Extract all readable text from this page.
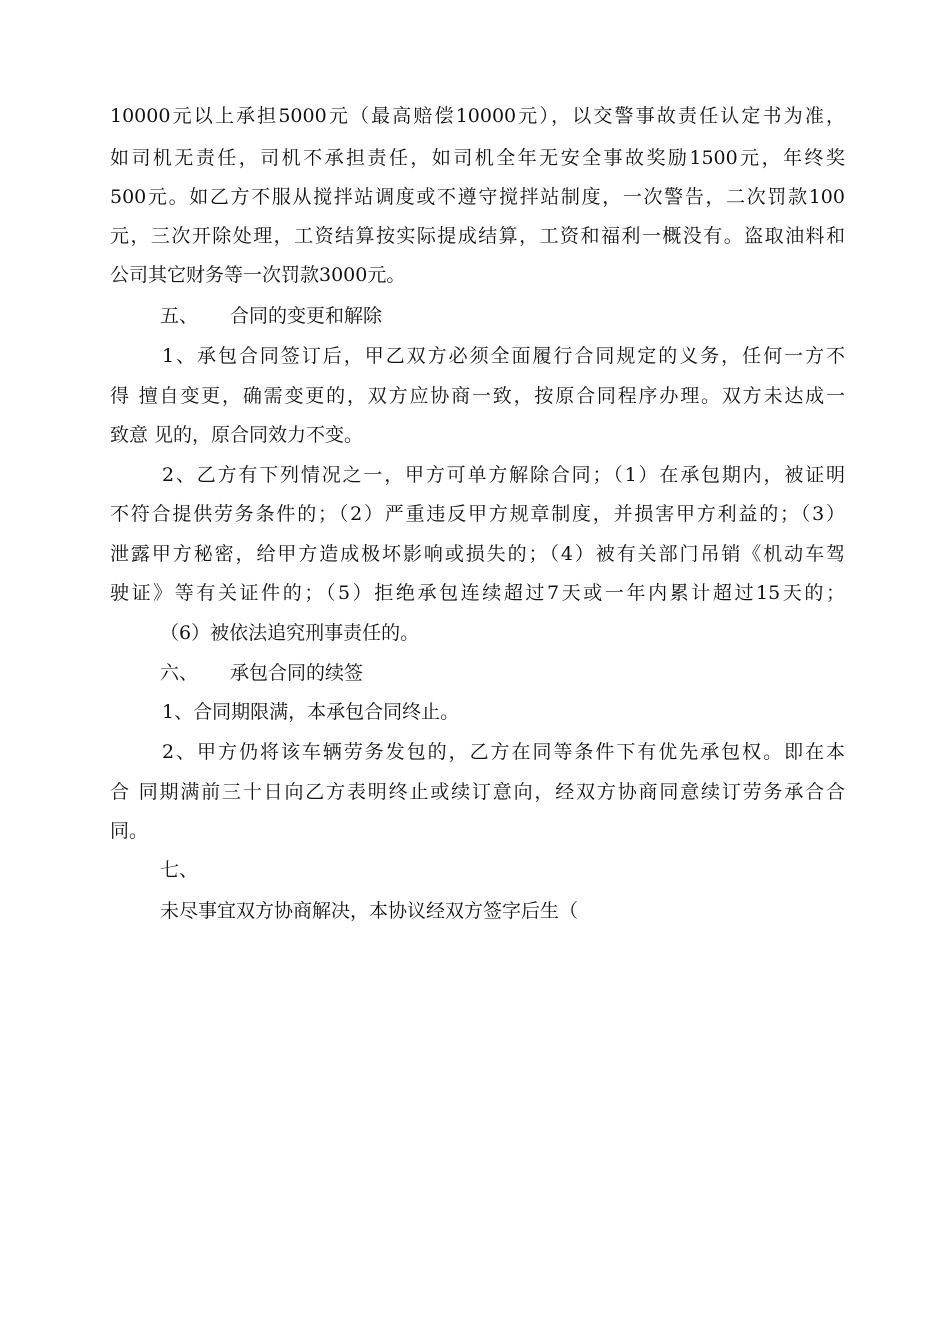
10000元以上承担5000元（最高赔偿10000元），以交警事故责任认定书为准，
如司机无责任，司机不承担责任，如司机全年无安全事故奖励1500元，年终奖
500元。如乙方不服从搅拌站调度或不遵守搅拌站制度，一次警告，二次罚款100
元，三次开除处理，工资结算按实际提成结算，工资和福利一概没有。盗取油料和
公司其它财务等一次罚款3000元。
五、 合同的变更和解除
1、承包合同签订后，甲乙双方必须全面履行合同规定的义务，任何一方不
得 擅自变更，确需变更的，双方应协商一致，按原合同程序办理。双方未达成一
致意 见的，原合同效力不变。
2、乙方有下列情况之一，甲方可单方解除合同；（1）在承包期内，被证明
不符合提供劳务条件的；（2）严重违反甲方规章制度，并损害甲方利益的；（3）
泄露甲方秘密，给甲方造成极坏影响或损失的；（4）被有关部门吊销《机动车驾
驶证》等有关证件的；（5）拒绝承包连续超过7天或一年内累计超过15天的；
（6）被依法追究刑事责任的。
六、 承包合同的续签
1、合同期限满，本承包合同终止。
2、甲方仍将该车辆劳务发包的，乙方在同等条件下有优先承包权。即在本
合 同期满前三十日向乙方表明终止或续订意向，经双方协商同意续订劳务承合合
同。
七、
未尽事宜双方协商解决，本协议经双方签字后生（
